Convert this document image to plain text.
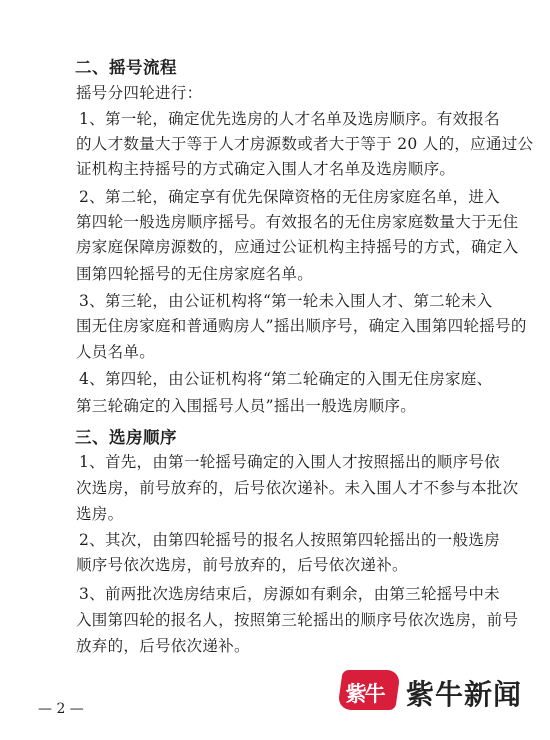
二、摇号流程
摇号分四轮进行：
1、第一轮，确定优先选房的人才名单及选房顺序。有效报名
的人才数量大于等于人才房源数或者大于等于 20 人的，应通过公
证机构主持摇号的方式确定入围人才名单及选房顺序。
2、第二轮，确定享有优先保障资格的无住房家庭名单，进入
第四轮一般选房顺序摇号。有效报名的无住房家庭数量大于无住
房家庭保障房源数的，应通过公证机构主持摇号的方式，确定入
围第四轮摇号的无住房家庭名单。
3、第三轮，由公证机构将“第一轮未入围人才、第二轮未入
围无住房家庭和普通购房人”摇出顺序号，确定入围第四轮摇号的
人员名单。
4、第四轮，由公证机构将“第二轮确定的入围无住房家庭、
第三轮确定的入围摇号人员”摇出一般选房顺序。
三、选房顺序
1、首先，由第一轮摇号确定的入围人才按照摇出的顺序号依
次选房，前号放弃的，后号依次递补。未入围人才不参与本批次
选房。
2、其次，由第四轮摇号的报名人按照第四轮摇出的一般选房
顺序号依次选房，前号放弃的，后号依次递补。
3、前两批次选房结束后，房源如有剩余，由第三轮摇号中未
入围第四轮的报名人，按照第三轮摇出的顺序号依次选房，前号
放弃的，后号依次递补。
— 2 —
紫牛 紫牛新闻
